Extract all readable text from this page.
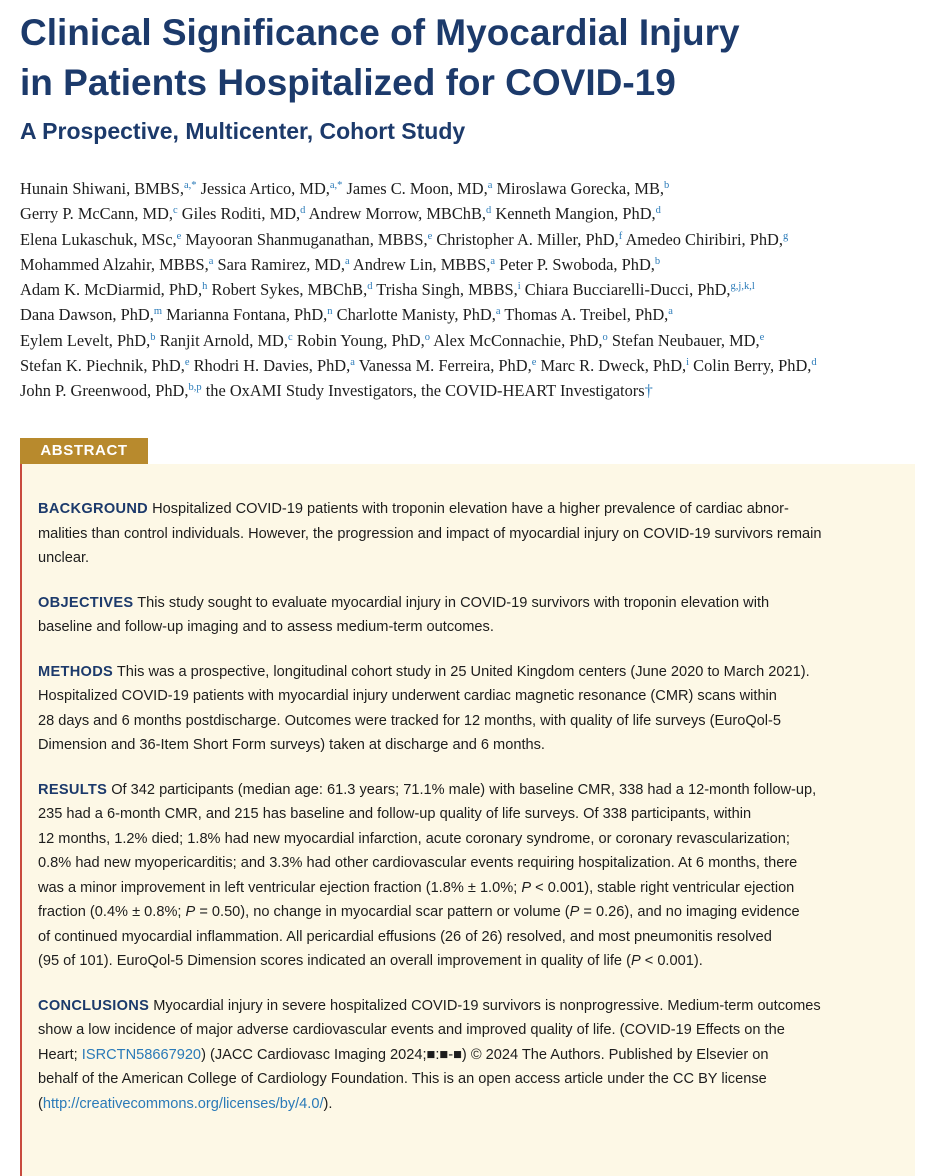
Clinical Significance of Myocardial Injury
in Patients Hospitalized for COVID-19
A Prospective, Multicenter, Cohort Study
Hunain Shiwani, BMBS,$^{a,*}$ Jessica Artico, MD,$^{a,*}$ James C. Moon, MD,$^a$ Miroslawa Gorecka, MB,$^b$
Gerry P. McCann, MD,$^c$ Giles Roditi, MD,$^d$ Andrew Morrow, MBChB,$^d$ Kenneth Mangion, PhD,$^d$
Elena Lukaschuk, MSc,$^e$ Mayooran Shanmuganathan, MBBS,$^e$ Christopher A. Miller, PhD,$^f$ Amedeo Chiribiri, PhD,$^g$
Mohammed Alzahir, MBBS,$^a$ Sara Ramirez, MD,$^a$ Andrew Lin, MBBS,$^a$ Peter P. Swoboda, PhD,$^b$
Adam K. McDiarmid, PhD,$^h$ Robert Sykes, MBChB,$^d$ Trisha Singh, MBBS,$^i$ Chiara Bucciarelli-Ducci, PhD,$^{g,j,k,l}$
Dana Dawson, PhD,$^m$ Marianna Fontana, PhD,$^n$ Charlotte Manisty, PhD,$^a$ Thomas A. Treibel, PhD,$^a$
Eylem Levelt, PhD,$^b$ Ranjit Arnold, MD,$^c$ Robin Young, PhD,$^o$ Alex McConnachie, PhD,$^o$ Stefan Neubauer, MD,$^e$
Stefan K. Piechnik, PhD,$^e$ Rhodri H. Davies, PhD,$^a$ Vanessa M. Ferreira, PhD,$^e$ Marc R. Dweck, PhD,$^i$ Colin Berry, PhD,$^d$
John P. Greenwood, PhD,$^{b,p}$ the OxAMI Study Investigators, the COVID-HEART Investigators†
ABSTRACT

BACKGROUND Hospitalized COVID-19 patients with troponin elevation have a higher prevalence of cardiac abnor-
malities than control individuals. However, the progression and impact of myocardial injury on COVID-19 survivors remain
unclear.

OBJECTIVES This study sought to evaluate myocardial injury in COVID-19 survivors with troponin elevation with
baseline and follow-up imaging and to assess medium-term outcomes.

METHODS This was a prospective, longitudinal cohort study in 25 United Kingdom centers (June 2020 to March 2021).
Hospitalized COVID-19 patients with myocardial injury underwent cardiac magnetic resonance (CMR) scans within
28 days and 6 months postdischarge. Outcomes were tracked for 12 months, with quality of life surveys (EuroQol-5
Dimension and 36-Item Short Form surveys) taken at discharge and 6 months.

RESULTS Of 342 participants (median age: 61.3 years; 71.1% male) with baseline CMR, 338 had a 12-month follow-up,
235 had a 6-month CMR, and 215 has baseline and follow-up quality of life surveys. Of 338 participants, within
12 months, 1.2% died; 1.8% had new myocardial infarction, acute coronary syndrome, or coronary revascularization;
0.8% had new myopericarditis; and 3.3% had other cardiovascular events requiring hospitalization. At 6 months, there
was a minor improvement in left ventricular ejection fraction (1.8% ± 1.0%; P < 0.001), stable right ventricular ejection
fraction (0.4% ± 0.8%; P = 0.50), no change in myocardial scar pattern or volume (P = 0.26), and no imaging evidence
of continued myocardial inflammation. All pericardial effusions (26 of 26) resolved, and most pneumonitis resolved
(95 of 101). EuroQol-5 Dimension scores indicated an overall improvement in quality of life (P < 0.001).

CONCLUSIONS Myocardial injury in severe hospitalized COVID-19 survivors is nonprogressive. Medium-term outcomes
show a low incidence of major adverse cardiovascular events and improved quality of life. (COVID-19 Effects on the
Heart; ISRCTN58667920) (JACC Cardiovasc Imaging 2024;■:■-■) © 2024 The Authors. Published by Elsevier on
behalf of the American College of Cardiology Foundation. This is an open access article under the CC BY license
(http://creativecommons.org/licenses/by/4.0/).
